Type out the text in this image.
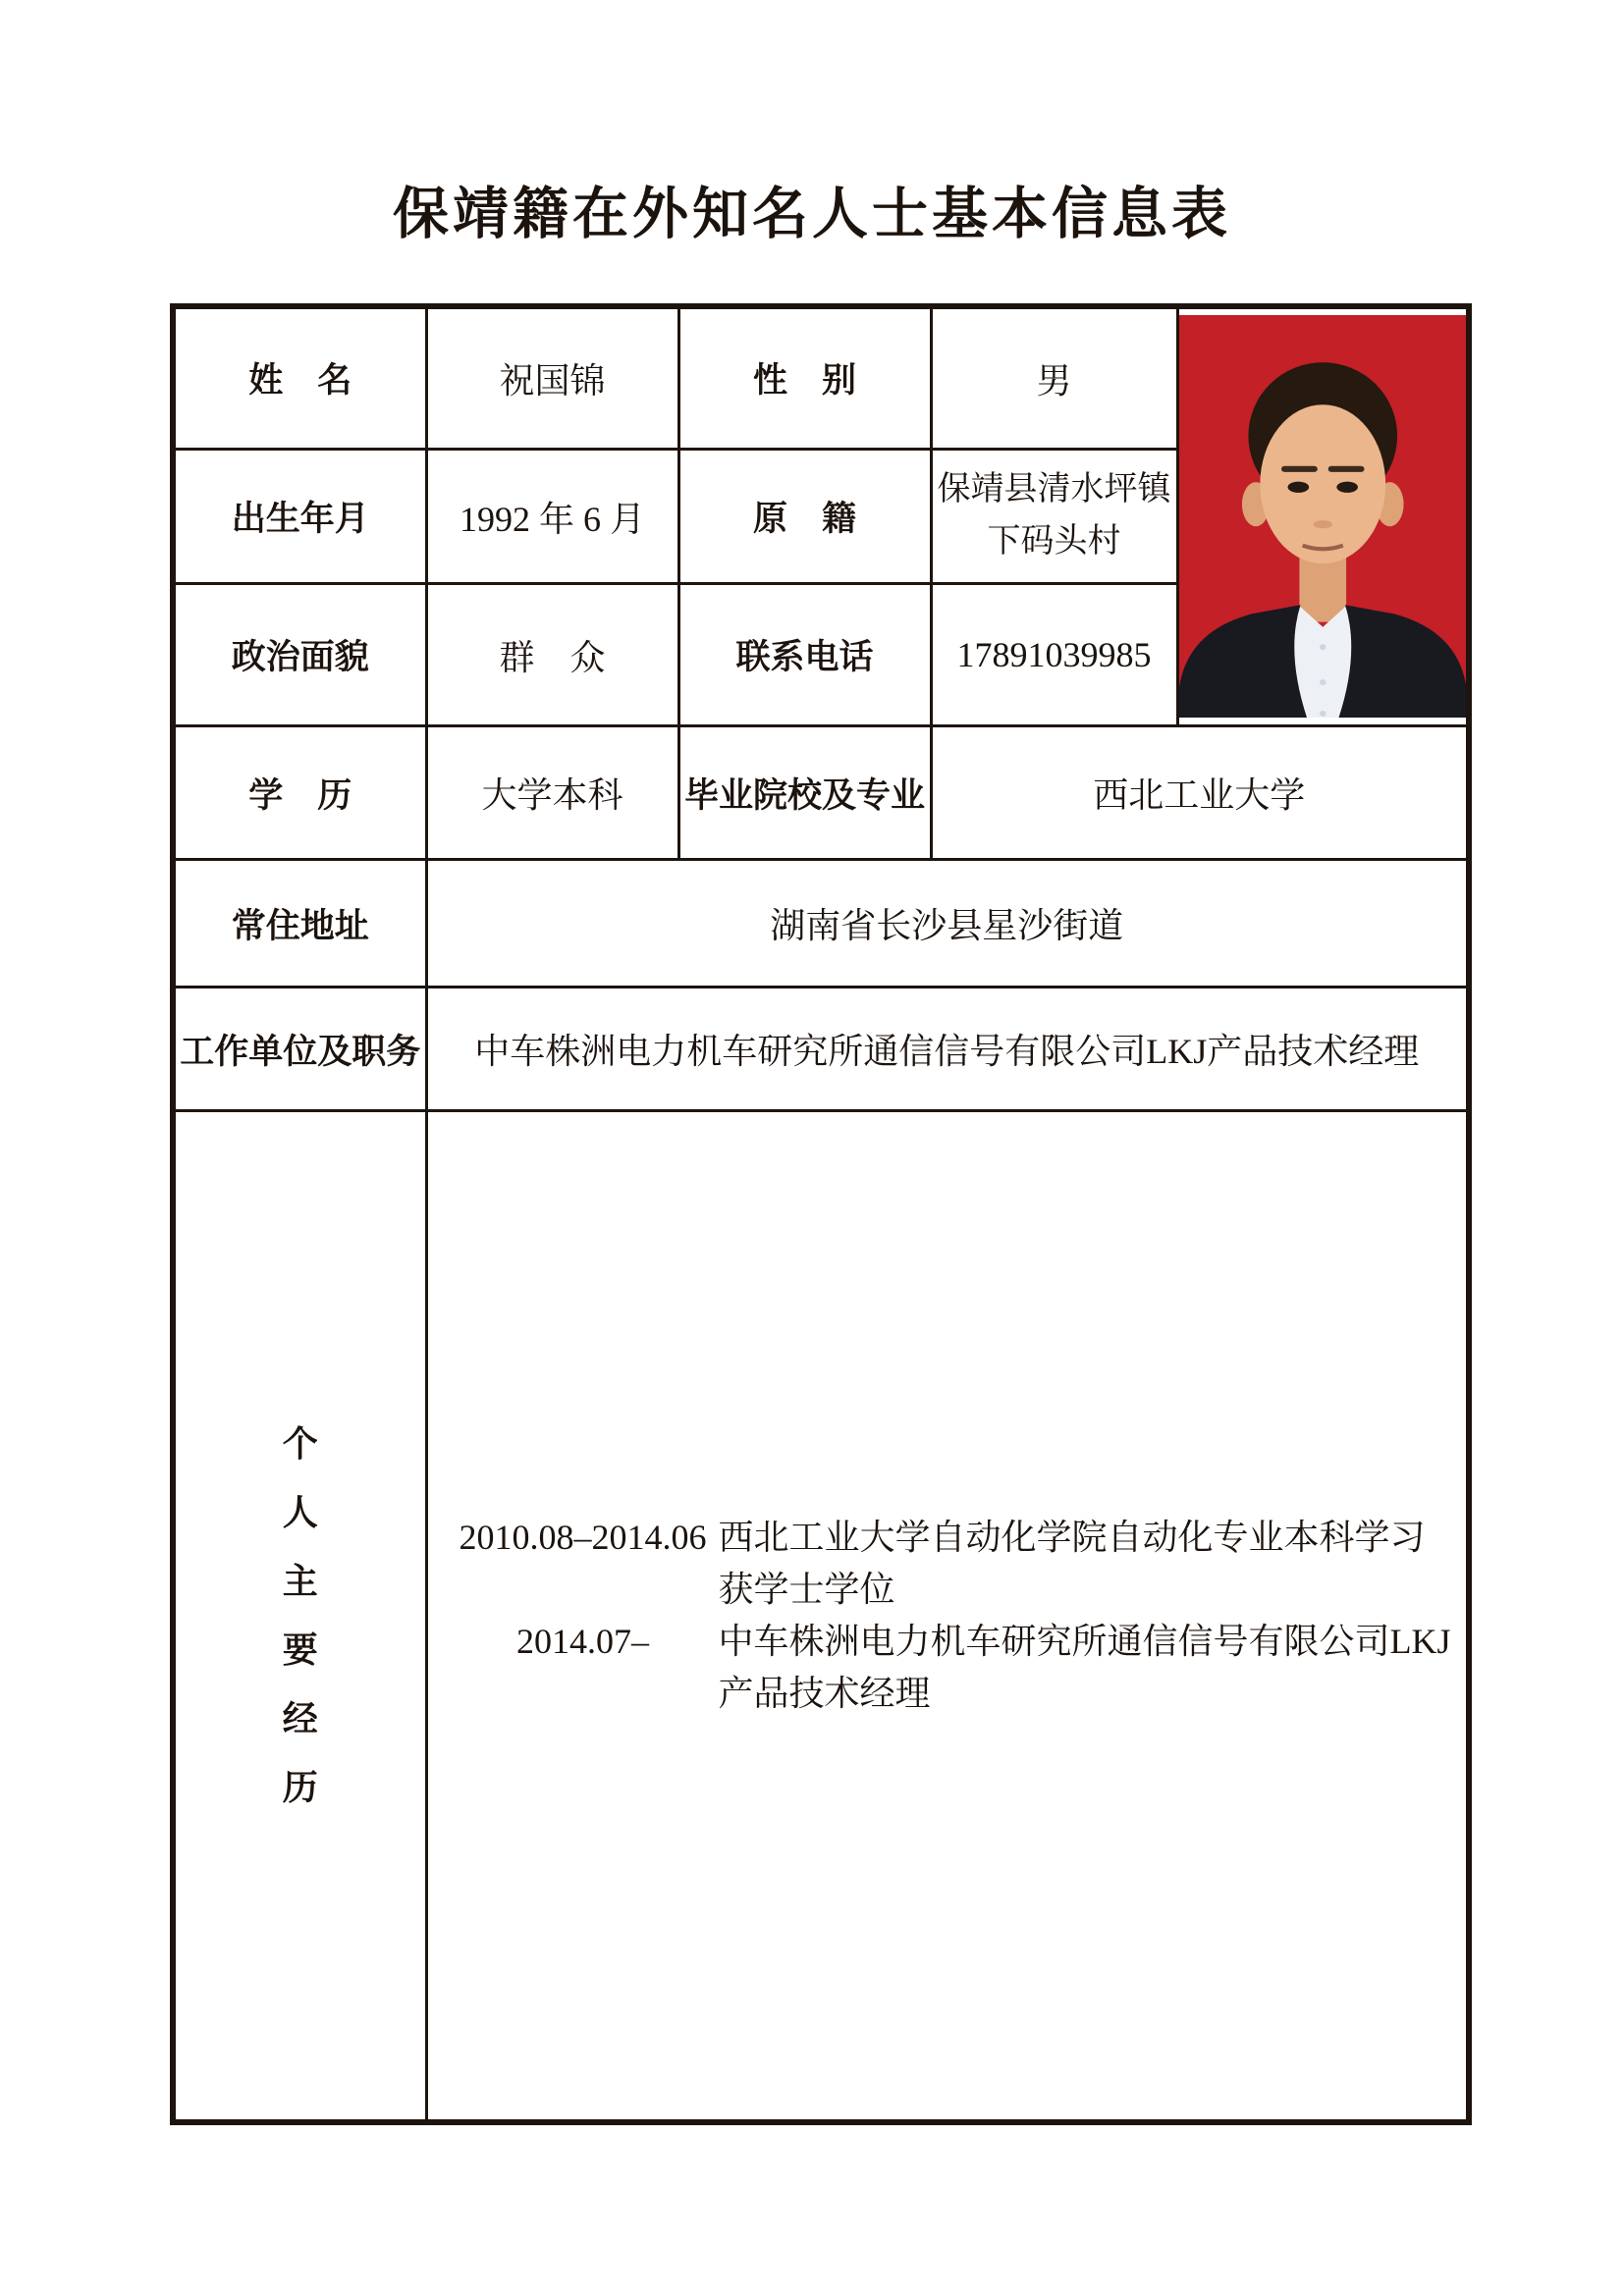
保靖籍在外知名人士基本信息表
姓　名	祝国锦	性　别	男	

出生年月	1992 年 6 月	原　籍	保靖县清水坪镇下码头村	
政治面貌	群　众	联系电话	17891039985	
学　历	大学本科	毕业院校及专业	西北工业大学	
常住地址	湖南省长沙县星沙街道			
工作单位及职务	中车株洲电力机车研究所通信信号有限公司LKJ产品技术经理			

个
人
主
要
经
历

2010.08–2014.06 西北工业大学自动化学院自动化专业本科学习获学士学位
2014.07–	中车株洲电力机车研究所通信信号有限公司LKJ产品技术经理
